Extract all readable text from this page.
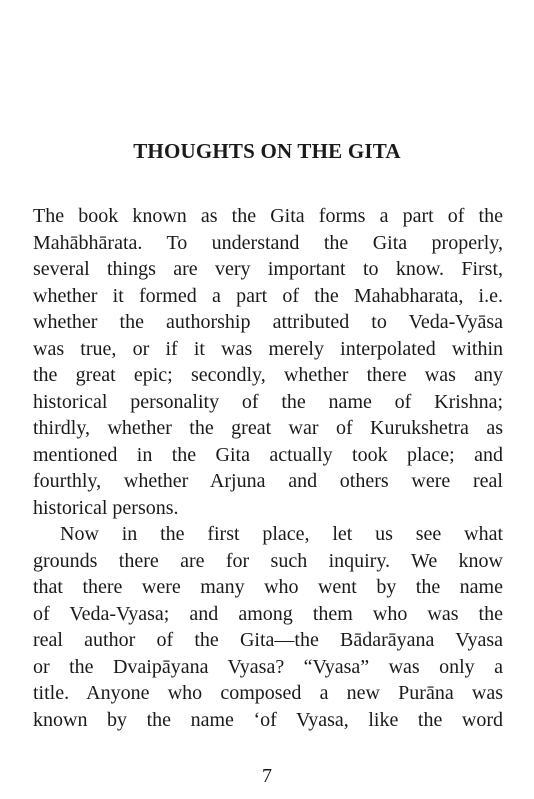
THOUGHTS ON THE GITA
The book known as the Gita forms a part of the
Mahābhārata. To understand the Gita properly,
several things are very important to know. First,
whether it formed a part of the Mahabharata, i.e.
whether the authorship attributed to Veda-Vyāsa
was true, or if it was merely interpolated within
the great epic; secondly, whether there was any
historical personality of the name of Krishna;
thirdly, whether the great war of Kurukshetra as
mentioned in the Gita actually took place; and
fourthly, whether Arjuna and others were real
historical persons.
Now in the first place, let us see what
grounds there are for such inquiry. We know
that there were many who went by the name
of Veda-Vyasa; and among them who was the
real author of the Gita—the Bādarāyana Vyasa
or the Dvaipāyana Vyasa? “Vyasa” was only a
title. Anyone who composed a new Purāna was
known by the name ‘of Vyasa, like the word
7
